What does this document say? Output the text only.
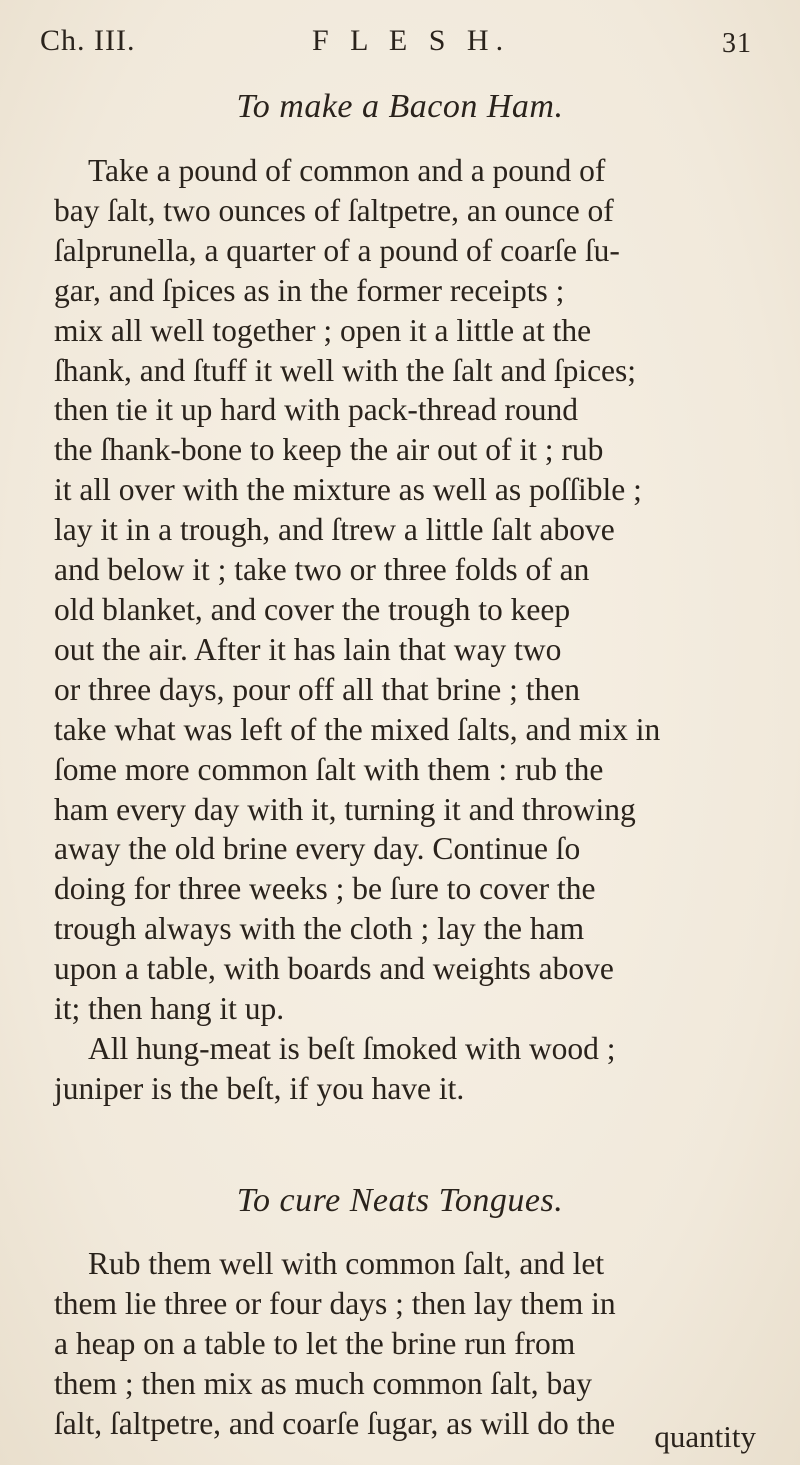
Ch. III.	F L E S H.	31
To make a Bacon Ham.
Take a pound of common and a pound of
bay ſalt, two ounces of ſaltpetre, an ounce of
ſalprunella, a quarter of a pound of coarſe ſu-
gar, and ſpices as in the former receipts ;
mix all well together ; open it a little at the
ſhank, and ſtuff it well with the ſalt and ſpices;
then tie it up hard with pack-thread round
the ſhank-bone to keep the air out of it ; rub
it all over with the mixture as well as poſſible ;
lay it in a trough, and ſtrew a little ſalt above
and below it ; take two or three folds of an
old blanket, and cover the trough to keep
out the air. After it has lain that way two
or three days, pour off all that brine ; then
take what was left of the mixed ſalts, and mix in
ſome more common ſalt with them : rub the
ham every day with it, turning it and throwing
away the old brine every day. Continue ſo
doing for three weeks ; be ſure to cover the
trough always with the cloth ; lay the ham
upon a table, with boards and weights above
it; then hang it up.
All hung-meat is beſt ſmoked with wood ;
juniper is the beſt, if you have it.
To cure Neats Tongues.
Rub them well with common ſalt, and let
them lie three or four days ; then lay them in
a heap on a table to let the brine run from
them ; then mix as much common ſalt, bay
ſalt, ſaltpetre, and coarſe ſugar, as will do the	quantity
